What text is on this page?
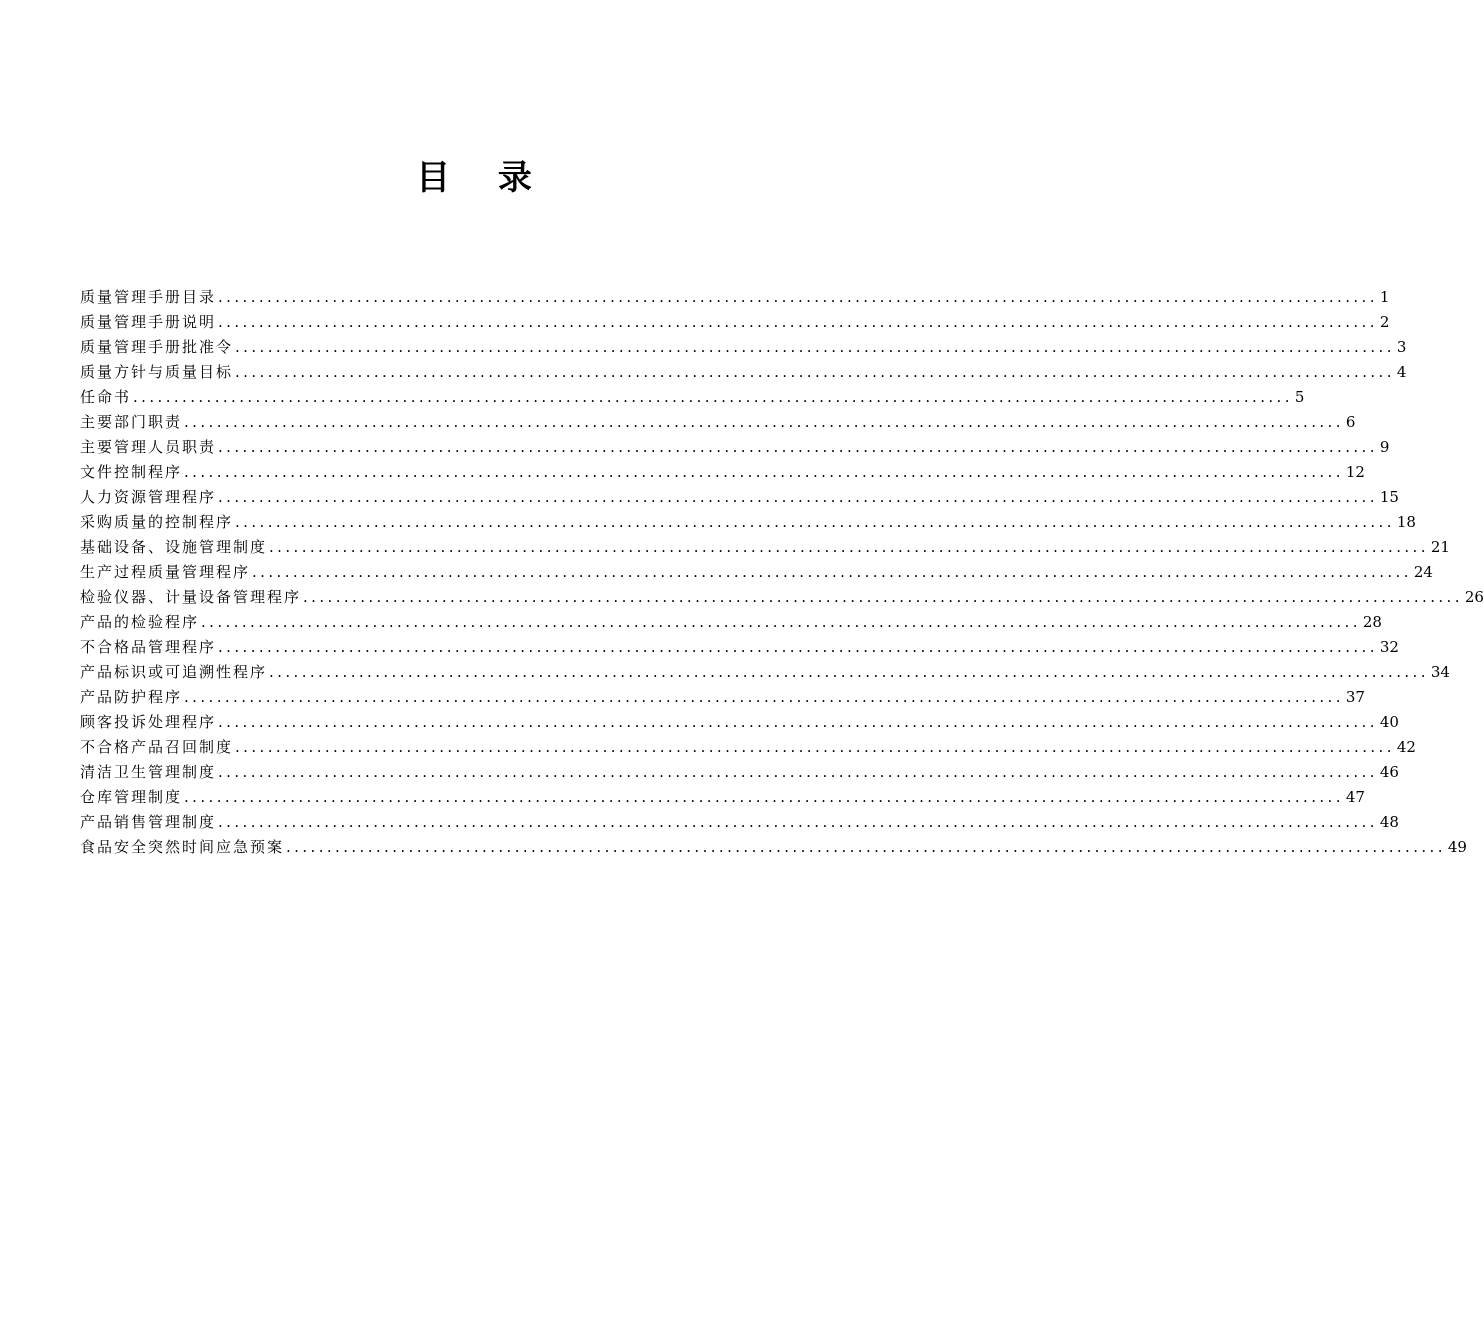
目 录
质量管理手册目录 .............................................................................................................................................. 1
质量管理手册说明 .............................................................................................................................................. 2
质量管理手册批准令 .............................................................................................................................................. 3
质量方针与质量目标 .............................................................................................................................................. 4
任命书 .............................................................................................................................................. 5
主要部门职责 .............................................................................................................................................. 6
主要管理人员职责 .............................................................................................................................................. 9
文件控制程序 .............................................................................................................................................. 12
人力资源管理程序 .............................................................................................................................................. 15
采购质量的控制程序 .............................................................................................................................................. 18
基础设备、设施管理制度 .............................................................................................................................................. 21
生产过程质量管理程序 .............................................................................................................................................. 24
检验仪器、计量设备管理程序 .............................................................................................................................................. 26
产品的检验程序 .............................................................................................................................................. 28
不合格品管理程序 .............................................................................................................................................. 32
产品标识或可追溯性程序 .............................................................................................................................................. 34
产品防护程序 .............................................................................................................................................. 37
顾客投诉处理程序 .............................................................................................................................................. 40
不合格产品召回制度 .............................................................................................................................................. 42
清洁卫生管理制度 .............................................................................................................................................. 46
仓库管理制度 .............................................................................................................................................. 47
产品销售管理制度 .............................................................................................................................................. 48
食品安全突然时间应急预案 .............................................................................................................................................. 49
